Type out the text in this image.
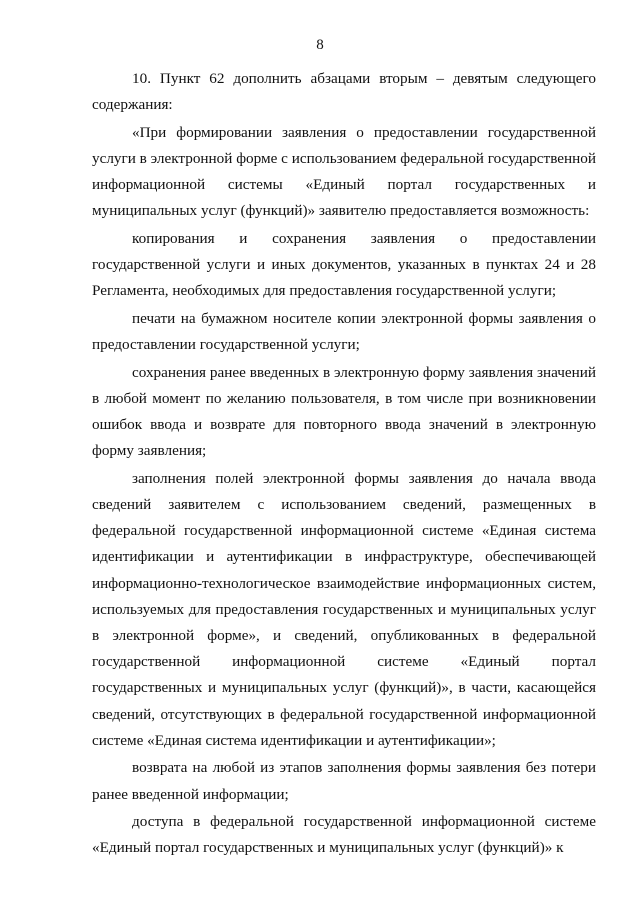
8

10. Пункт 62 дополнить абзацами вторым – девятым следующего содержания:

«При формировании заявления о предоставлении государственной услуги в электронной форме с использованием федеральной государственной информационной системы «Единый портал государственных и муниципальных услуг (функций)» заявителю предоставляется возможность:

копирования и сохранения заявления о предоставлении государственной услуги и иных документов, указанных в пунктах 24 и 28 Регламента, необходимых для предоставления государственной услуги;

печати на бумажном носителе копии электронной формы заявления о предоставлении государственной услуги;

сохранения ранее введенных в электронную форму заявления значений в любой момент по желанию пользователя, в том числе при возникновении ошибок ввода и возврате для повторного ввода значений в электронную форму заявления;

заполнения полей электронной формы заявления до начала ввода сведений заявителем с использованием сведений, размещенных в федеральной государственной информационной системе «Единая система идентификации и аутентификации в инфраструктуре, обеспечивающей информационно-технологическое взаимодействие информационных систем, используемых для предоставления государственных и муниципальных услуг в электронной форме», и сведений, опубликованных в федеральной государственной информационной системе «Единый портал государственных и муниципальных услуг (функций)», в части, касающейся сведений, отсутствующих в федеральной государственной информационной системе «Единая система идентификации и аутентификации»;

возврата на любой из этапов заполнения формы заявления без потери ранее введенной информации;

доступа в федеральной государственной информационной системе «Единый портал государственных и муниципальных услуг (функций)» к
